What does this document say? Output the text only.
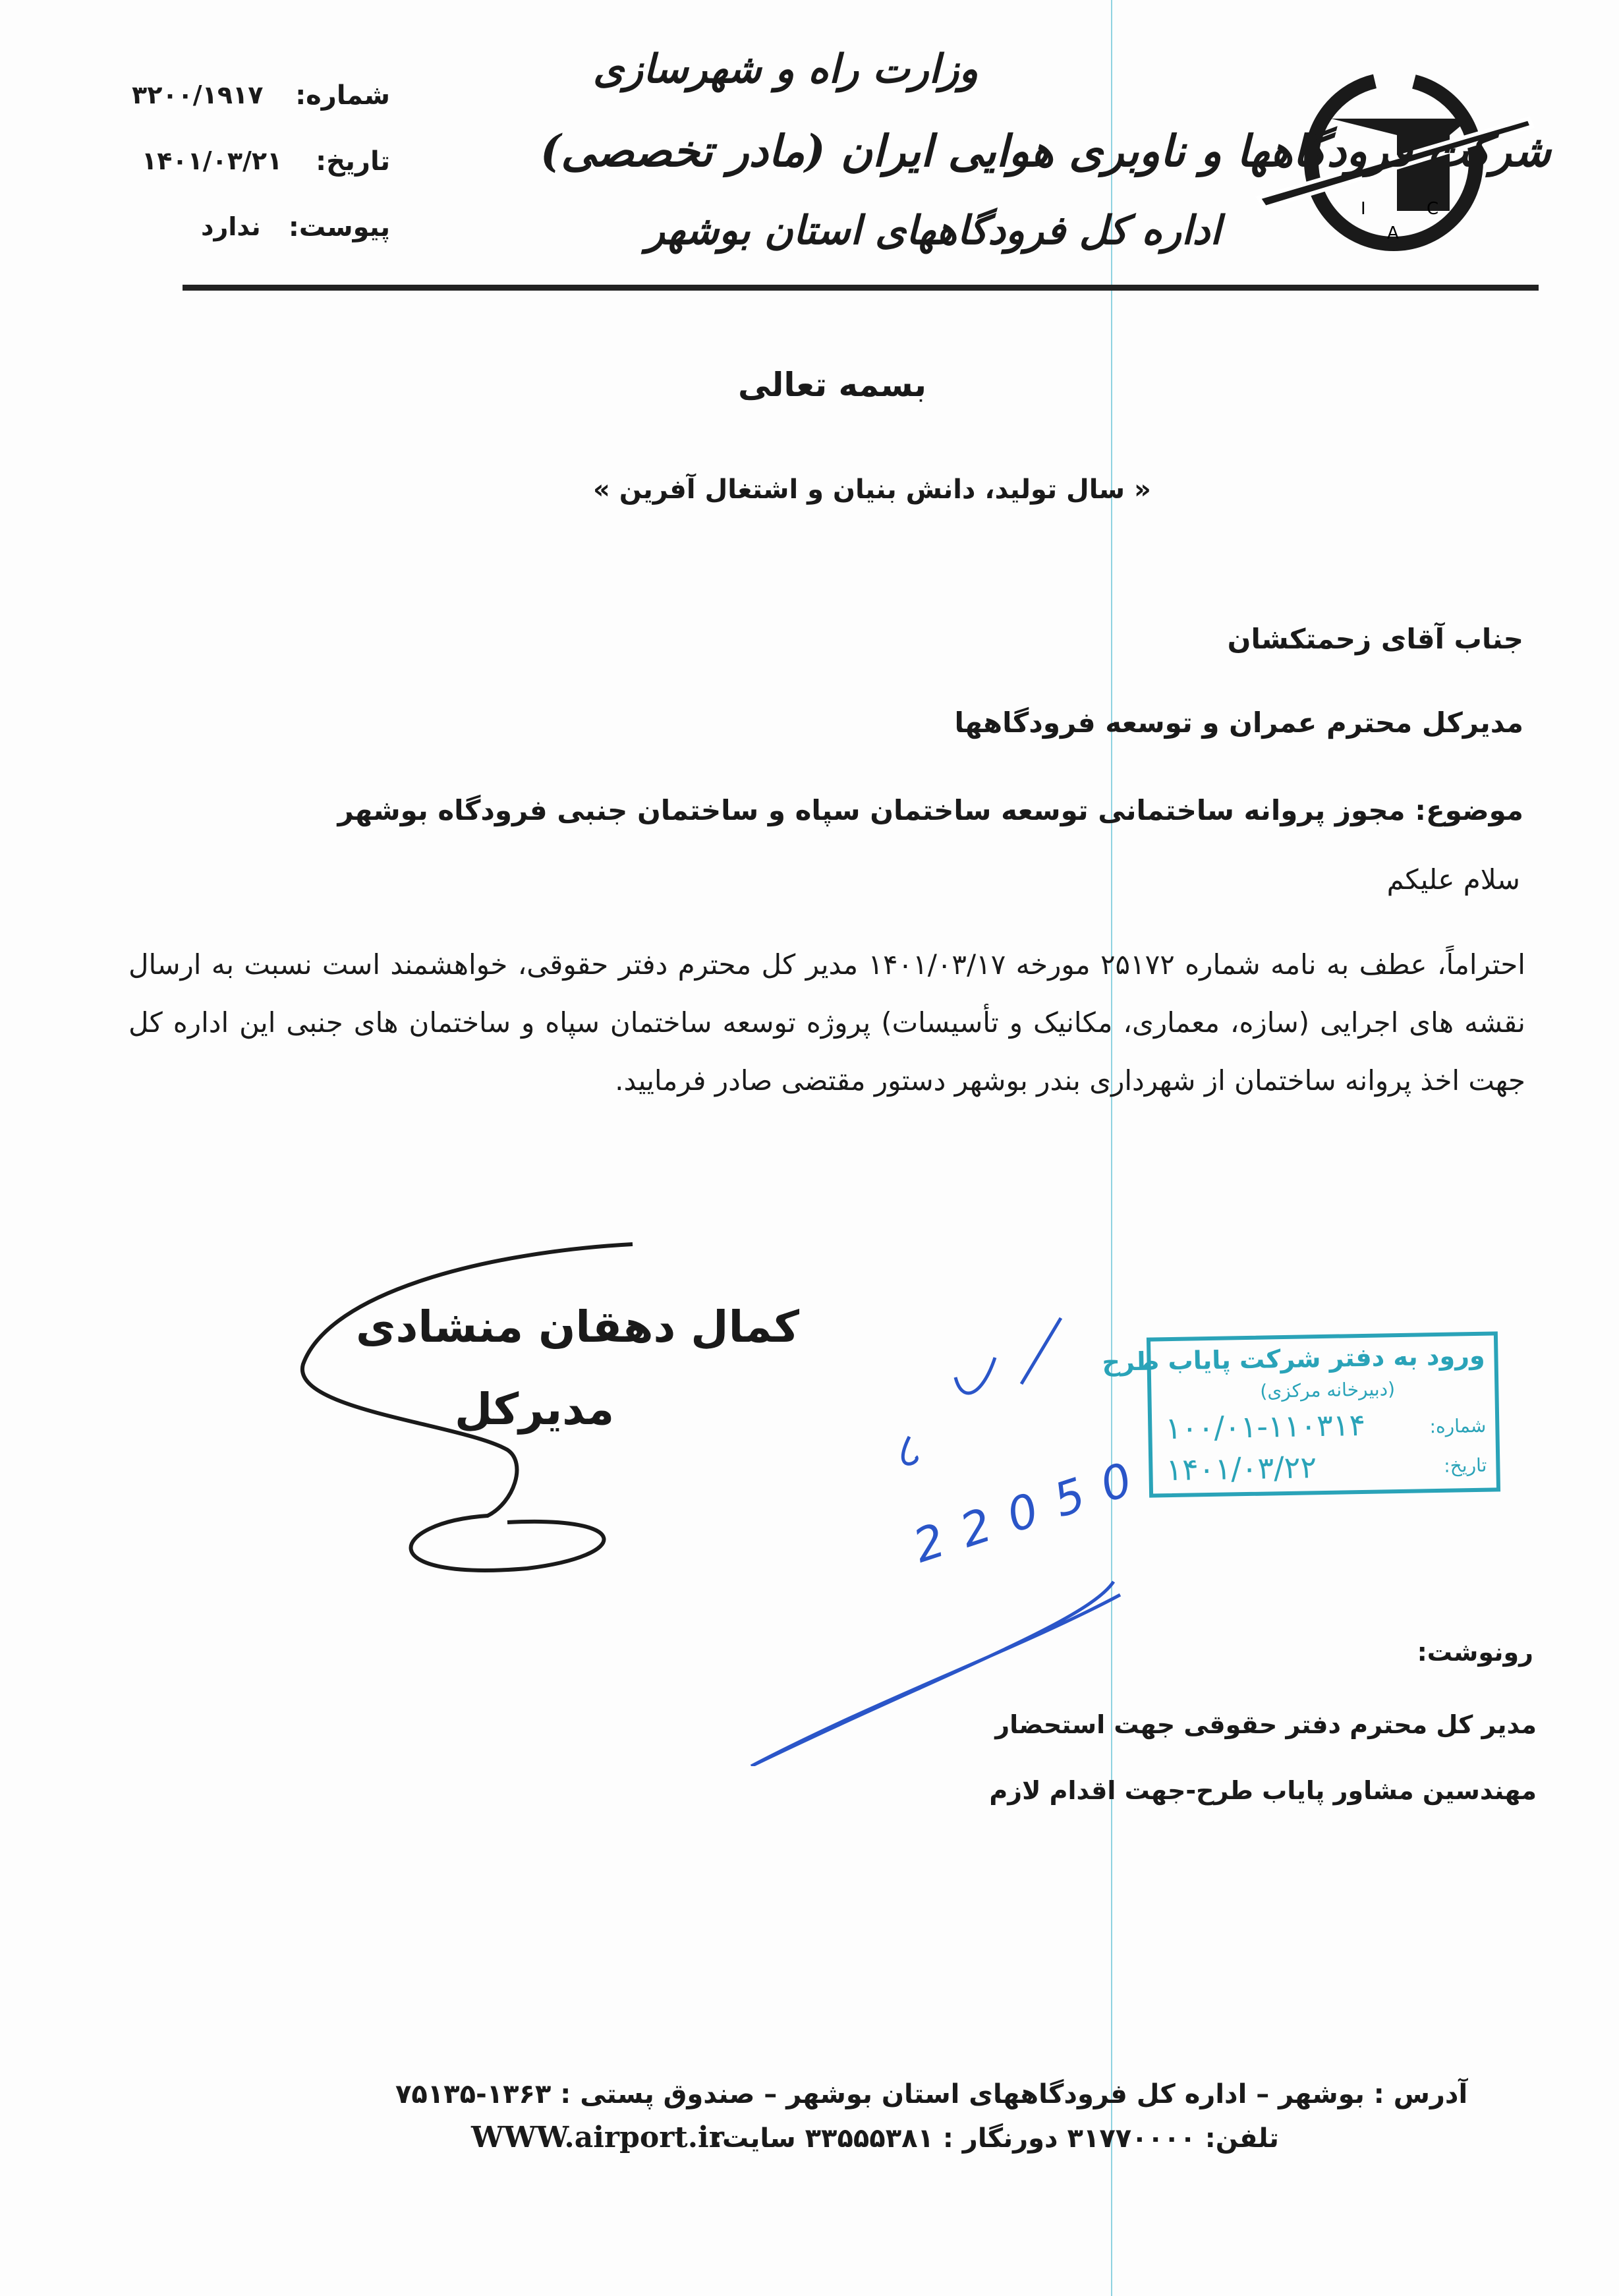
I
A
C
وزارت راه و شهرسازی
شرکت فرودگاهها و ناوبری هوایی ایران (مادر تخصصی)
اداره کل فرودگاههای استان بوشهر
شماره:
۳۲۰۰/۱۹۱۷
تاریخ:
۱۴۰۱/۰۳/۲۱
پیوست:
ندارد
بسمه تعالی
« سال تولید، دانش بنیان و اشتغال آفرین »
جناب آقای زحمتکشان
مدیرکل محترم عمران و توسعه فرودگاهها
موضوع: مجوز پروانه ساختمانی توسعه ساختمان سپاه و ساختمان جنبی فرودگاه بوشهر
سلام علیکم
احتراماً، عطف به نامه شماره ۲۵۱۷۲ مورخه ۱۴۰۱/۰۳/۱۷ مدیر کل محترم دفتر حقوقی، خواهشمند است نسبت به ارسال نقشه های اجرایی (سازه، معماری، مکانیک و تأسیسات) پروژه توسعه ساختمان سپاه و ساختمان های جنبی این اداره کل جهت اخذ پروانه ساختمان از شهرداری بندر بوشهر دستور مقتضی صادر فرمایید.
کمال دهقان منشادی
مدیرکل
22050
ورود به دفتر شرکت پایاب طرح
(دبیرخانه مرکزی)
شماره:
۱۰۰/۰۱-۱۱۰۳۱۴
تاریخ:
۱۴۰۱/۰۳/۲۲
رونوشت:
مدیر کل محترم دفتر حقوقی جهت استحضار
مهندسین مشاور پایاب طرح-جهت اقدام لازم
آدرس : بوشهر – اداره کل فرودگاههای استان بوشهر – صندوق پستی : ۱۳۶۳-۷۵۱۳۵
تلفن: ۳۱۷۷۰۰۰۰ دورنگار : ۳۳۵۵۵۳۸۱ سایت:
WWW.airport.ir
